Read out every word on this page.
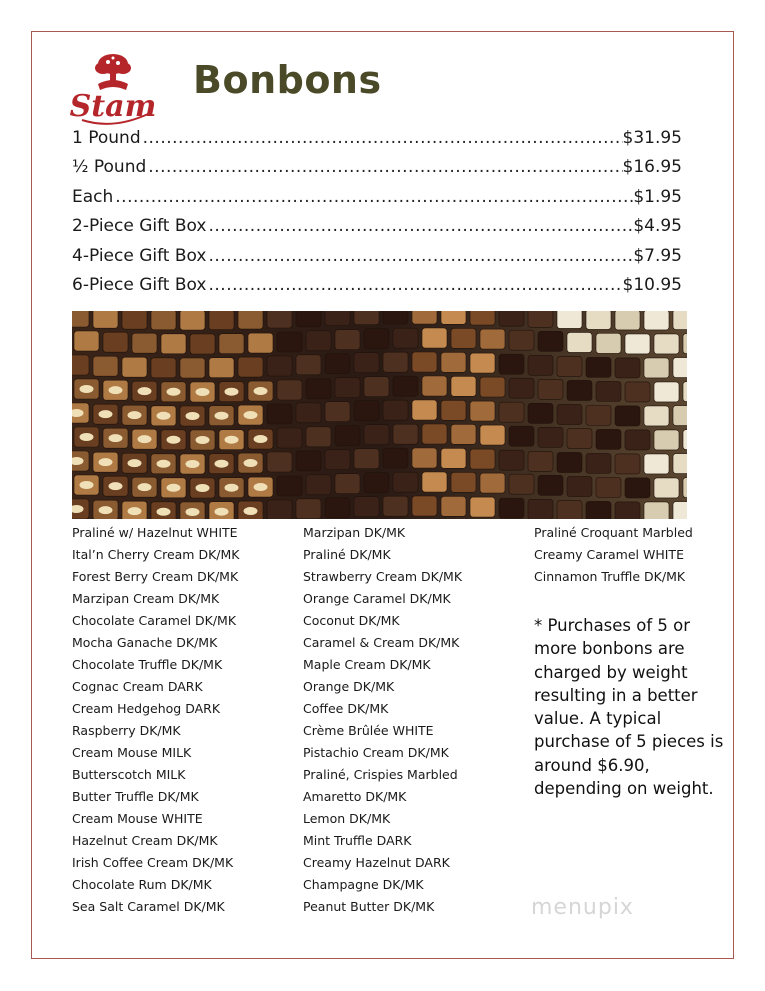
Stam
Bonbons
1 Pound .....	$31.95
½ Pound .....	$16.95
Each .....	$1.95
2-Piece Gift Box .....	$4.95
4-Piece Gift Box .....	$7.95
6-Piece Gift Box .....	$10.95
Praliné w/ Hazelnut WHITE
Ital’n Cherry Cream DK/MK
Forest Berry Cream DK/MK
Marzipan Cream DK/MK
Chocolate Caramel DK/MK
Mocha Ganache DK/MK
Chocolate Truffle DK/MK
Cognac Cream DARK
Cream Hedgehog DARK
Raspberry DK/MK
Cream Mouse MILK
Butterscotch MILK
Butter Truffle DK/MK
Cream Mouse WHITE
Hazelnut Cream DK/MK
Irish Coffee Cream DK/MK
Chocolate Rum DK/MK
Sea Salt Caramel DK/MK
Marzipan DK/MK
Praliné DK/MK
Strawberry Cream DK/MK
Orange Caramel DK/MK
Coconut DK/MK
Caramel & Cream DK/MK
Maple Cream DK/MK
Orange DK/MK
Coffee DK/MK
Crème Brûlée WHITE
Pistachio Cream DK/MK
Praliné, Crispies Marbled
Amaretto DK/MK
Lemon DK/MK
Mint Truffle DARK
Creamy Hazelnut DARK
Champagne DK/MK
Peanut Butter DK/MK
Praliné Croquant Marbled
Creamy Caramel WHITE
Cinnamon Truffle DK/MK
* Purchases of 5 or more bonbons are charged by weight resulting in a better value. A typical purchase of 5 pieces is around $6.90, depending on weight.
menupix
